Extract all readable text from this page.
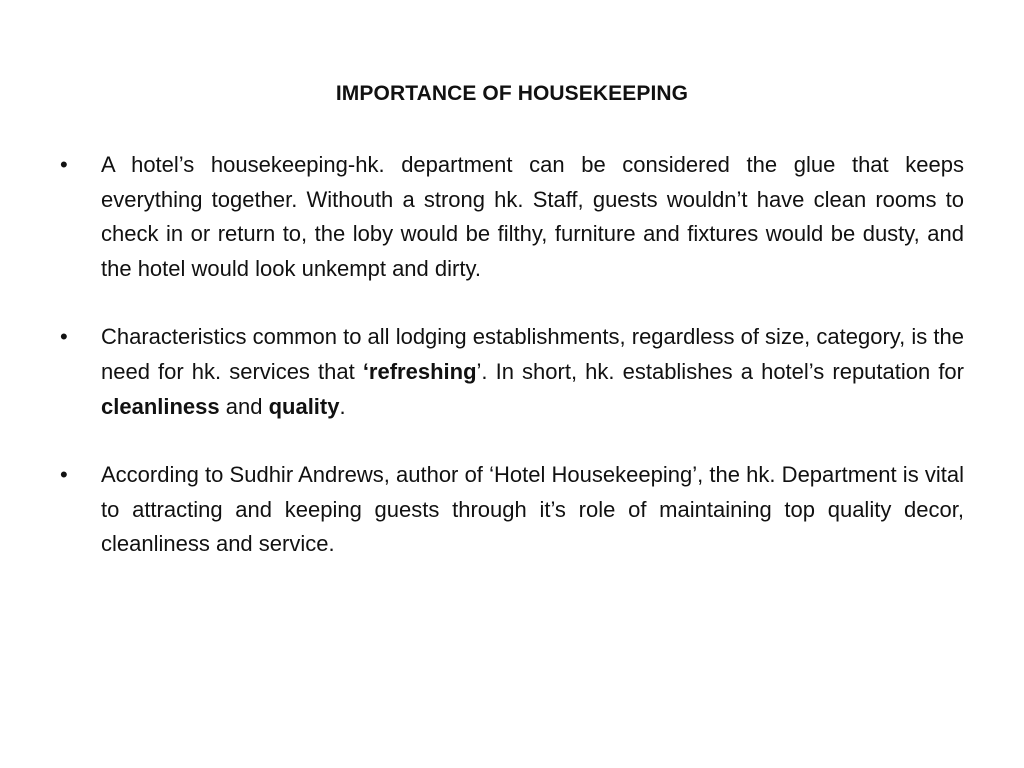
IMPORTANCE OF HOUSEKEEPING
•	A hotel’s housekeeping-hk. department can be considered the glue that keeps everything together. Withouth a strong hk. Staff, guests wouldn’t have clean rooms to check in or return to, the loby would be filthy, furniture and fixtures would be dusty, and the hotel would look unkempt and dirty.
•	Characteristics common to all lodging establishments, regardless of size, category, is the need for hk. services that ‘refreshing’. In short, hk. establishes a hotel’s reputation for cleanliness and quality.
•	According to Sudhir Andrews, author of ‘Hotel Housekeeping’, the hk. Department is vital to attracting and keeping guests through it’s role of maintaining top quality decor, cleanliness and service.
